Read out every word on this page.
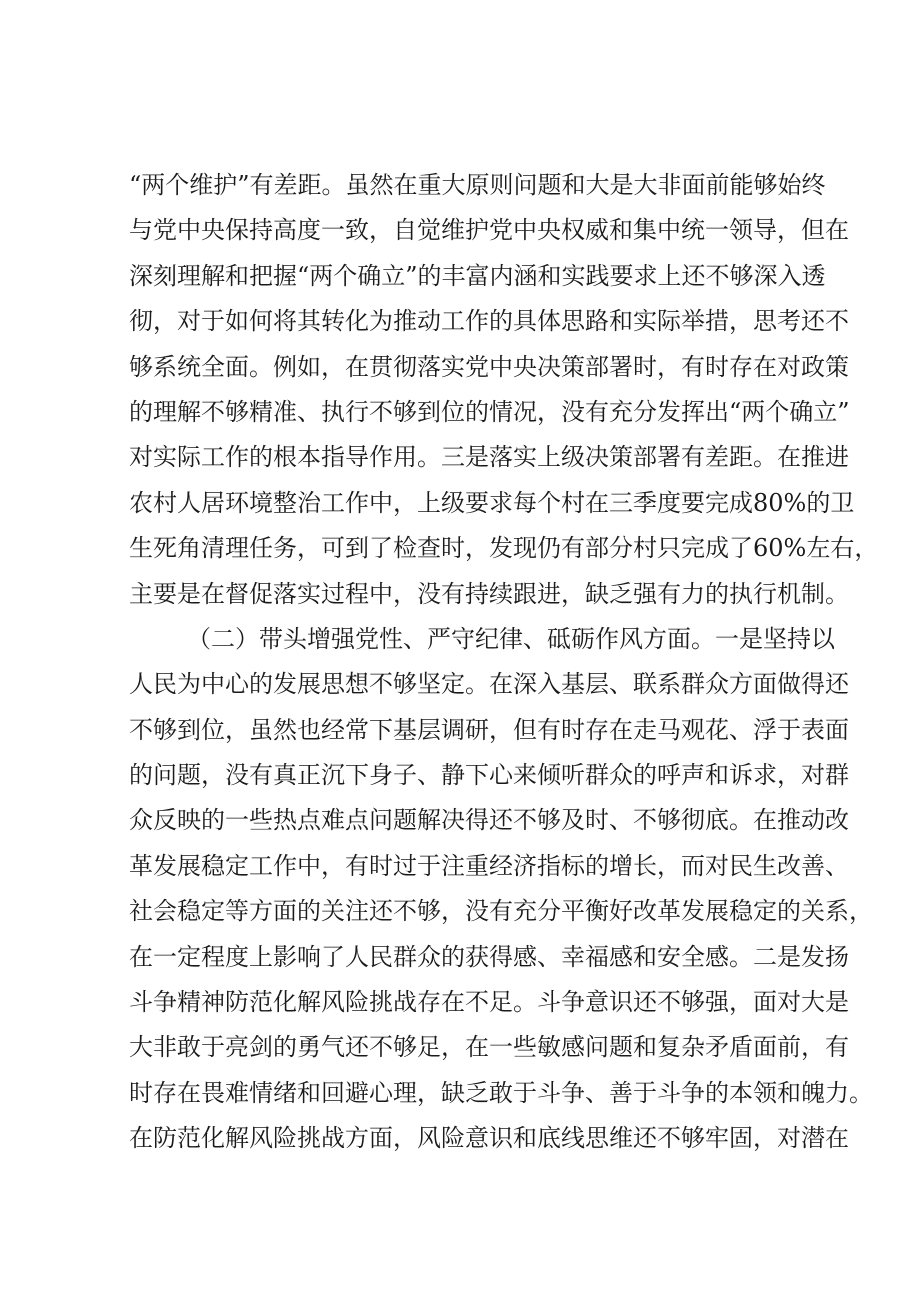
“两个维护”有差距。虽然在重大原则问题和大是大非面前能够始终
与党中央保持高度一致，自觉维护党中央权威和集中统一领导，但在
深刻理解和把握“两个确立”的丰富内涵和实践要求上还不够深入透
彻，对于如何将其转化为推动工作的具体思路和实际举措，思考还不
够系统全面。例如，在贯彻落实党中央决策部署时，有时存在对政策
的理解不够精准、执行不够到位的情况，没有充分发挥出“两个确立”
对实际工作的根本指导作用。三是落实上级决策部署有差距。在推进
农村人居环境整治工作中，上级要求每个村在三季度要完成80%的卫
生死角清理任务，可到了检查时，发现仍有部分村只完成了60%左右，
主要是在督促落实过程中，没有持续跟进，缺乏强有力的执行机制。
（二）带头增强党性、严守纪律、砥砺作风方面。一是坚持以
人民为中心的发展思想不够坚定。在深入基层、联系群众方面做得还
不够到位，虽然也经常下基层调研，但有时存在走马观花、浮于表面
的问题，没有真正沉下身子、静下心来倾听群众的呼声和诉求，对群
众反映的一些热点难点问题解决得还不够及时、不够彻底。在推动改
革发展稳定工作中，有时过于注重经济指标的增长，而对民生改善、
社会稳定等方面的关注还不够，没有充分平衡好改革发展稳定的关系，
在一定程度上影响了人民群众的获得感、幸福感和安全感。二是发扬
斗争精神防范化解风险挑战存在不足。斗争意识还不够强，面对大是
大非敢于亮剑的勇气还不够足，在一些敏感问题和复杂矛盾面前，有
时存在畏难情绪和回避心理，缺乏敢于斗争、善于斗争的本领和魄力。
在防范化解风险挑战方面，风险意识和底线思维还不够牢固，对潜在
